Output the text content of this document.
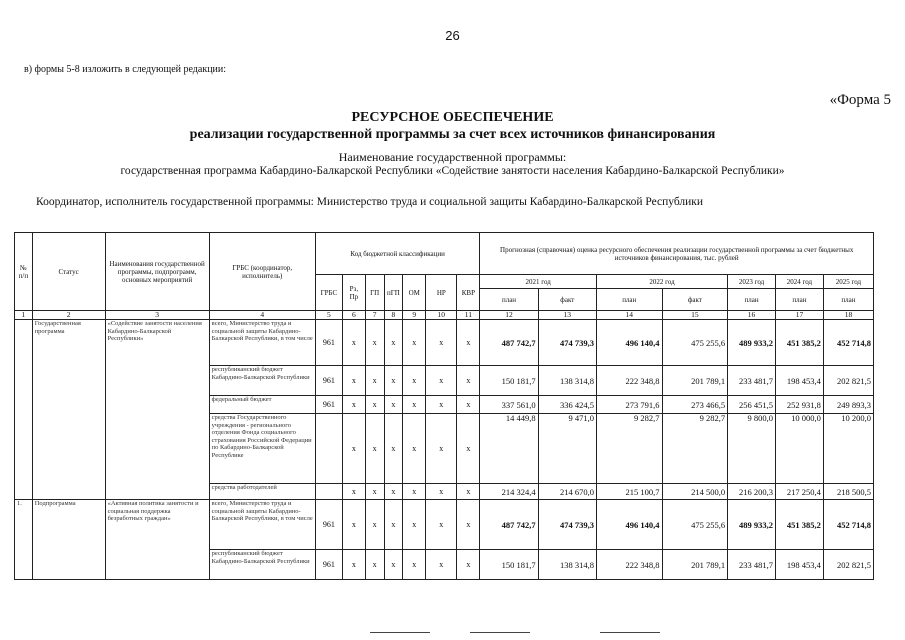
26
в) формы 5-8 изложить в следующей редакции:
«Форма 5
РЕСУРСНОЕ ОБЕСПЕЧЕНИЕ
реализации государственной программы за счет всех источников финансирования
Наименование государственной программы:
государственная программа Кабардино-Балкарской Республики «Содействие занятости населения Кабардино-Балкарской Республики»
Координатор, исполнитель государственной программы: Министерство труда и социальной защиты Кабардино-Балкарской Республики
№ п/п	Статус	Наименования государственной программы, подпрограмм, основных мероприятий	ГРБС (координатор, исполнитель)	Код бюджетной классификации							Прогнозная (справочная) оценка ресурсного обеспечения реализации государственной программы за счет бюджетных источников финансирования, тыс. рублей						
				ГРБС	Рз, Пр	ГП	пГП	ОМ	НР	КВР	2021 год		2022 год		2023 год	2024 год	2025 год
											план	факт	план	факт	план	план	план
1	2	3	4	5	6	7	8	9	10	11	12	13	14	15	16	17	18
	Государственная программа	«Содействие занятости населения Кабардино-Балкарской Республики»	всего, Министерство труда и социальной защиты Кабардино-Балкарской Республики, в том числе	961	х	х	х	х	х	х	487 742,7	474 739,3	496 140,4	475 255,6	489 933,2	451 385,2	452 714,8
			республиканский бюджет Кабардино-Балкарской Республики	961	х	х	х	х	х	х	150 181,7	138 314,8	222 348,8	201 789,1	233 481,7	198 453,4	202 821,5
			федеральный бюджет	961	х	х	х	х	х	х	337 561,0	336 424,5	273 791,6	273 466,5	256 451,5	252 931,8	249 893,3
			средства Государственного учреждения - регионального отделения Фонда социального страхования Российской Федерации по Кабардино-Балкарской Республике		х	х	х	х	х	х	14 449,8	9 471,0	9 282,7	9 282,7	9 800,0	10 000,0	10 200,0
			средства работодателей		х	х	х	х	х	х	214 324,4	214 670,0	215 100,7	214 500,0	216 200,3	217 250,4	218 500,5
1.	Подпрограмма	«Активная политика занятости и социальная поддержка безработных граждан»	всего, Министерство труда и социальной защиты Кабардино-Балкарской Республики, в том числе	961	х	х	х	х	х	х	487 742,7	474 739,3	496 140,4	475 255,6	489 933,2	451 385,2	452 714,8
			республиканский бюджет Кабардино-Балкарской Республики	961	х	х	х	х	х	х	150 181,7	138 314,8	222 348,8	201 789,1	233 481,7	198 453,4	202 821,5
